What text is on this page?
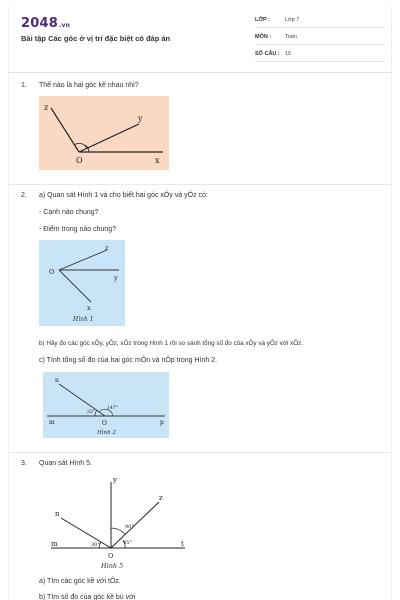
2048.vn
Bài tập Các góc ở vị trí đặc biệt có đáp án
LỚP :	Lớp 7
MÔN :	Toán
SỐ CÂU : 15
1. Thế nào là hai góc kề nhau nhỉ?
z
y
O	x
2. a) Quan sát Hình 1 và cho biết hai góc xÔy và yÔz có:
- Cạnh nào chung?
- Điểm trong nào chung?
O
z
y
x
Hình 1
b) Hãy đo các góc xÔy, yÔz, xÔz trong Hình 1 rồi so sánh tổng số đo của xÔy và yÔz với xÔz.
c) Tính tổng số đo của hai góc mÔn và nÔp trong Hình 2.
n
m	O	p
33°
147°
Hình 2
3. Quan sát Hình 5.
y
z
n
m
O
t
90°
30°	45°
Hình 5
a) Tìm các góc kề với tÔz.
b) Tìm số đo của góc kề bù với
